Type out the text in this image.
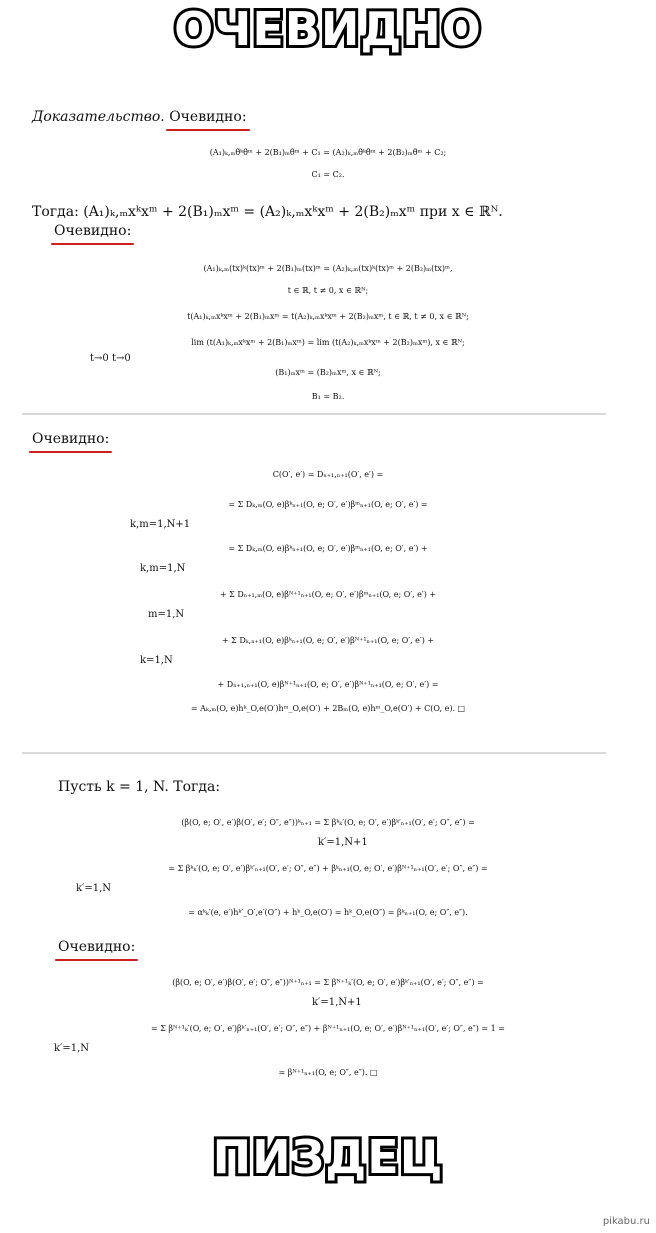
ОЧЕВИДНО
Доказательство. Очевидно:
(A₁)ₖ,ₘθ̃ᵏθ̃ᵐ + 2(B₁)ₘθ̃ᵐ + C₁ = (A₂)ₖ,ₘθ̃ᵏθ̃ᵐ + 2(B₂)ₘθ̃ᵐ + C₂;
C₁ = C₂.
Тогда: (A₁)ₖ,ₘxᵏxᵐ + 2(B₁)ₘxᵐ = (A₂)ₖ,ₘxᵏxᵐ + 2(B₂)ₘxᵐ при x ∈ ℝᴺ.
Очевидно:
(A₁)ₖ,ₘ(tx)ᵏ(tx)ᵐ + 2(B₁)ₘ(tx)ᵐ = (A₂)ₖ,ₘ(tx)ᵏ(tx)ᵐ + 2(B₂)ₘ(tx)ᵐ,
t ∈ ℝ, t ≠ 0, x ∈ ℝᴺ;
t(A₁)ₖ,ₘxᵏxᵐ + 2(B₁)ₘxᵐ = t(A₂)ₖ,ₘxᵏxᵐ + 2(B₂)ₘxᵐ, t ∈ ℝ, t ≠ 0, x ∈ ℝᴺ;
lim (t(A₁)ₖ,ₘxᵏxᵐ + 2(B₁)ₘxᵐ) = lim (t(A₂)ₖ,ₘxᵏxᵐ + 2(B₂)ₘxᵐ), x ∈ ℝᴺ;
t→0 t→0
(B₁)ₘxᵐ = (B₂)ₘxᵐ, x ∈ ℝᴺ;
B₁ = B₂.
Очевидно:
C(O′, e′) = Dₙ₊₁,ₙ₊₁(O′, e′) =
= Σ Dₖ,ₘ(O, e)βᵏₙ₊₁(O, e; O′, e′)βᵐₙ₊₁(O, e; O′, e′) =
k,m=1,N+1
= Σ Dₖ,ₘ(O, e)βᵏₙ₊₁(O, e; O′, e′)βᵐₙ₊₁(O, e; O′, e′) +
k,m=1,N
+ Σ Dₙ₊₁,ₘ(O, e)βᴺ⁺¹ₙ₊₁(O, e; O′, e′)βᵐₙ₊₁(O, e; O′, e′) +
m=1,N
+ Σ Dₖ,ₙ₊₁(O, e)βᵏₙ₊₁(O, e; O′, e′)βᴺ⁺¹ₙ₊₁(O, e; O′, e′) +
k=1,N
+ Dₙ₊₁,ₙ₊₁(O, e)βᴺ⁺¹ₙ₊₁(O, e; O′, e′)βᴺ⁺¹ₙ₊₁(O, e; O′, e′) =
= Aₖ,ₘ(O, e)hᵏ_O,e(O′)hᵐ_O,e(O′) + 2Bₘ(O, e)hᵐ_O,e(O′) + C(O, e). □
Пусть k = 1, N. Тогда:
(β(O, e; O′, e′)β(O′, e′; O″, e″))ᵏₙ₊₁ = Σ βᵏₖ′(O, e; O′, e′)βᵏ′ₙ₊₁(O′, e′; O″, e″) =
k′=1,N+1
= Σ βᵏₖ′(O, e; O′, e′)βᵏ′ₙ₊₁(O′, e′; O″, e″) + βᵏₙ₊₁(O, e; O′, e′)βᴺ⁺¹ₙ₊₁(O′, e′; O″, e″) =
k′=1,N
= αᵏₖ′(e, e′)hᵏ′_O′,e′(O″) + hᵏ_O,e(O′) = hᵏ_O,e(O″) = βᵏₙ₊₁(O, e; O″, e″).
Очевидно:
(β(O, e; O′, e′)β(O′, e′; O″, e″))ᴺ⁺¹ₙ₊₁ = Σ βᴺ⁺¹ₖ′(O, e; O′, e′)βᵏ′ₙ₊₁(O′, e′; O″, e″) =
k′=1,N+1
= Σ βᴺ⁺¹ₖ′(O, e; O′, e′)βᵏ′ₙ₊₁(O′, e′; O″, e″) + βᴺ⁺¹ₙ₊₁(O, e; O′, e′)βᴺ⁺¹ₙ₊₁(O′, e′; O″, e″) = 1 =
k′=1,N
= βᴺ⁺¹ₙ₊₁(O, e; O″, e″). □
ПИЗДЕЦ
pikabu.ru
